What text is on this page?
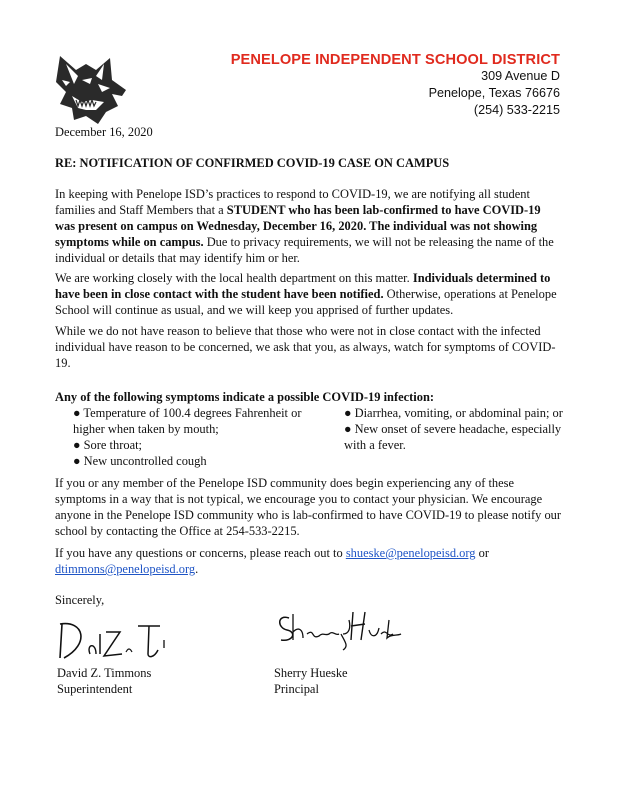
PENELOPE INDEPENDENT SCHOOL DISTRICT
309 Avenue D
Penelope, Texas 76676
(254) 533-2215
December 16, 2020
RE: NOTIFICATION OF CONFIRMED COVID-19 CASE ON CAMPUS
In keeping with Penelope ISD’s practices to respond to COVID-19, we are notifying all student families and Staff Members that a STUDENT who has been lab-confirmed to have COVID-19 was present on campus on Wednesday, December 16, 2020. The individual was not showing symptoms while on campus. Due to privacy requirements, we will not be releasing the name of the individual or details that may identify him or her.
We are working closely with the local health department on this matter. Individuals determined to have been in close contact with the student have been notified. Otherwise, operations at Penelope School will continue as usual, and we will keep you apprised of further updates.
While we do not have reason to believe that those who were not in close contact with the infected individual have reason to be concerned, we ask that you, as always, watch for symptoms of COVID-19.
Any of the following symptoms indicate a possible COVID-19 infection:

● Temperature of 100.4 degrees Fahrenheit or higher when taken by mouth;

● Sore throat;

● New uncontrolled cough

● Diarrhea, vomiting, or abdominal pain; or

● New onset of severe headache, especially with a fever.

If you or any member of the Penelope ISD community does begin experiencing any of these symptoms in a way that is not typical, we encourage you to contact your physician. We encourage anyone in the Penelope ISD community who is lab-confirmed to have COVID-19 to please notify our school by contacting the Office at 254-533-2215.
If you have any questions or concerns, please reach out to shueske@penelopeisd.org or dtimmons@penelopeisd.org.
Sincerely,
David Z. Timmons
Superintendent
Sherry Hueske
Principal
